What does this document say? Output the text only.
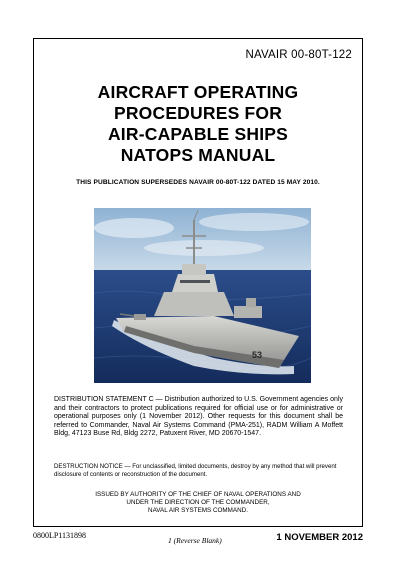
NAVAIR 00-80T-122
AIRCRAFT OPERATING
PROCEDURES FOR
AIR-CAPABLE SHIPS
NATOPS MANUAL
THIS PUBLICATION SUPERSEDES NAVAIR 00-80T-122 DATED 15 MAY 2010.
53
DISTRIBUTION STATEMENT C — Distribution authorized to U.S. Government agencies only and their contractors to protect publications required for official use or for administrative or operational purposes only (1 November 2012). Other requests for this document shall be referred to Commander, Naval Air Systems Command (PMA-251), RADM William A Moffett Bldg, 47123 Buse Rd, Bldg 2272, Patuxent River, MD 20670-1547.
DESTRUCTION NOTICE — For unclassified, limited documents, destroy by any method that will prevent disclosure of contents or reconstruction of the document.
ISSUED BY AUTHORITY OF THE CHIEF OF NAVAL OPERATIONS AND
UNDER THE DIRECTION OF THE COMMANDER,
NAVAL AIR SYSTEMS COMMAND.
0800LP1131898
1 (Reverse Blank)	1 NOVEMBER 2012
